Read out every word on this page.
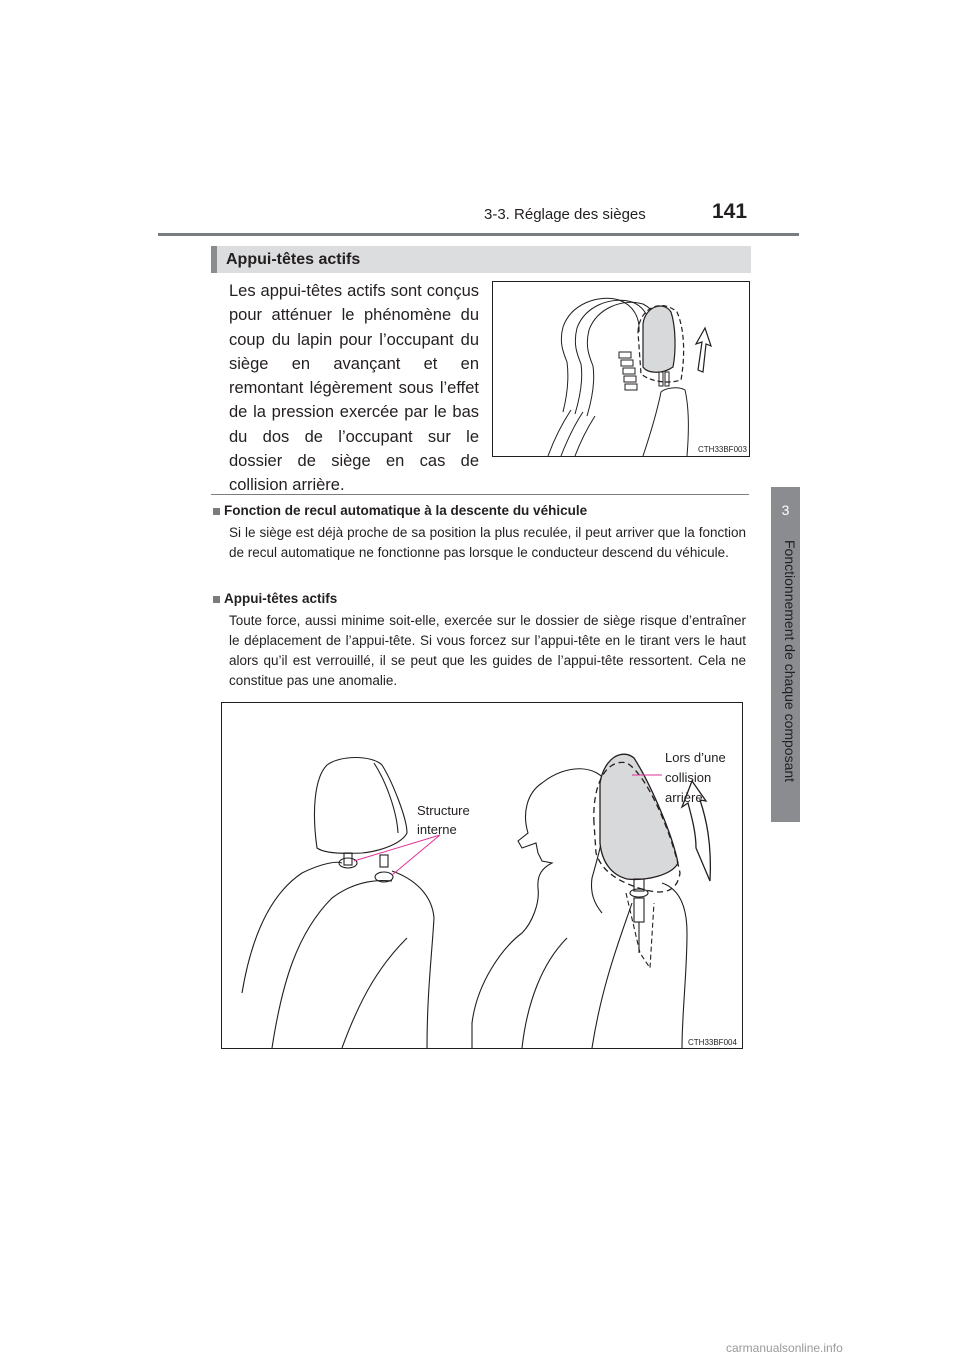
3-3. Réglage des sièges	141
3
Fonctionnement de chaque composant
Appui-têtes actifs
Les appui-têtes actifs sont conçus pour atténuer le phénomène du coup du lapin pour l’occupant du siège en avançant et en remontant légèrement sous l’effet de la pression exercée par le bas du dos de l’occupant sur le dossier de siège en cas de collision arrière.
CTH33BF003
Fonction de recul automatique à la descente du véhicule
Si le siège est déjà proche de sa position la plus reculée, il peut arriver que la fonction de recul automatique ne fonctionne pas lorsque le conducteur descend du véhicule.
Appui-têtes actifs
Toute force, aussi minime soit-elle, exercée sur le dossier de siège risque d’entraîner le déplacement de l’appui-tête. Si vous forcez sur l’appui-tête en le tirant vers le haut alors qu’il est verrouillé, il se peut que les guides de l’appui-tête ressortent. Cela ne constitue pas une anomalie.
Structure
interne
Lors d’une
collision
arrière
CTH33BF004
carmanualsonline.info
